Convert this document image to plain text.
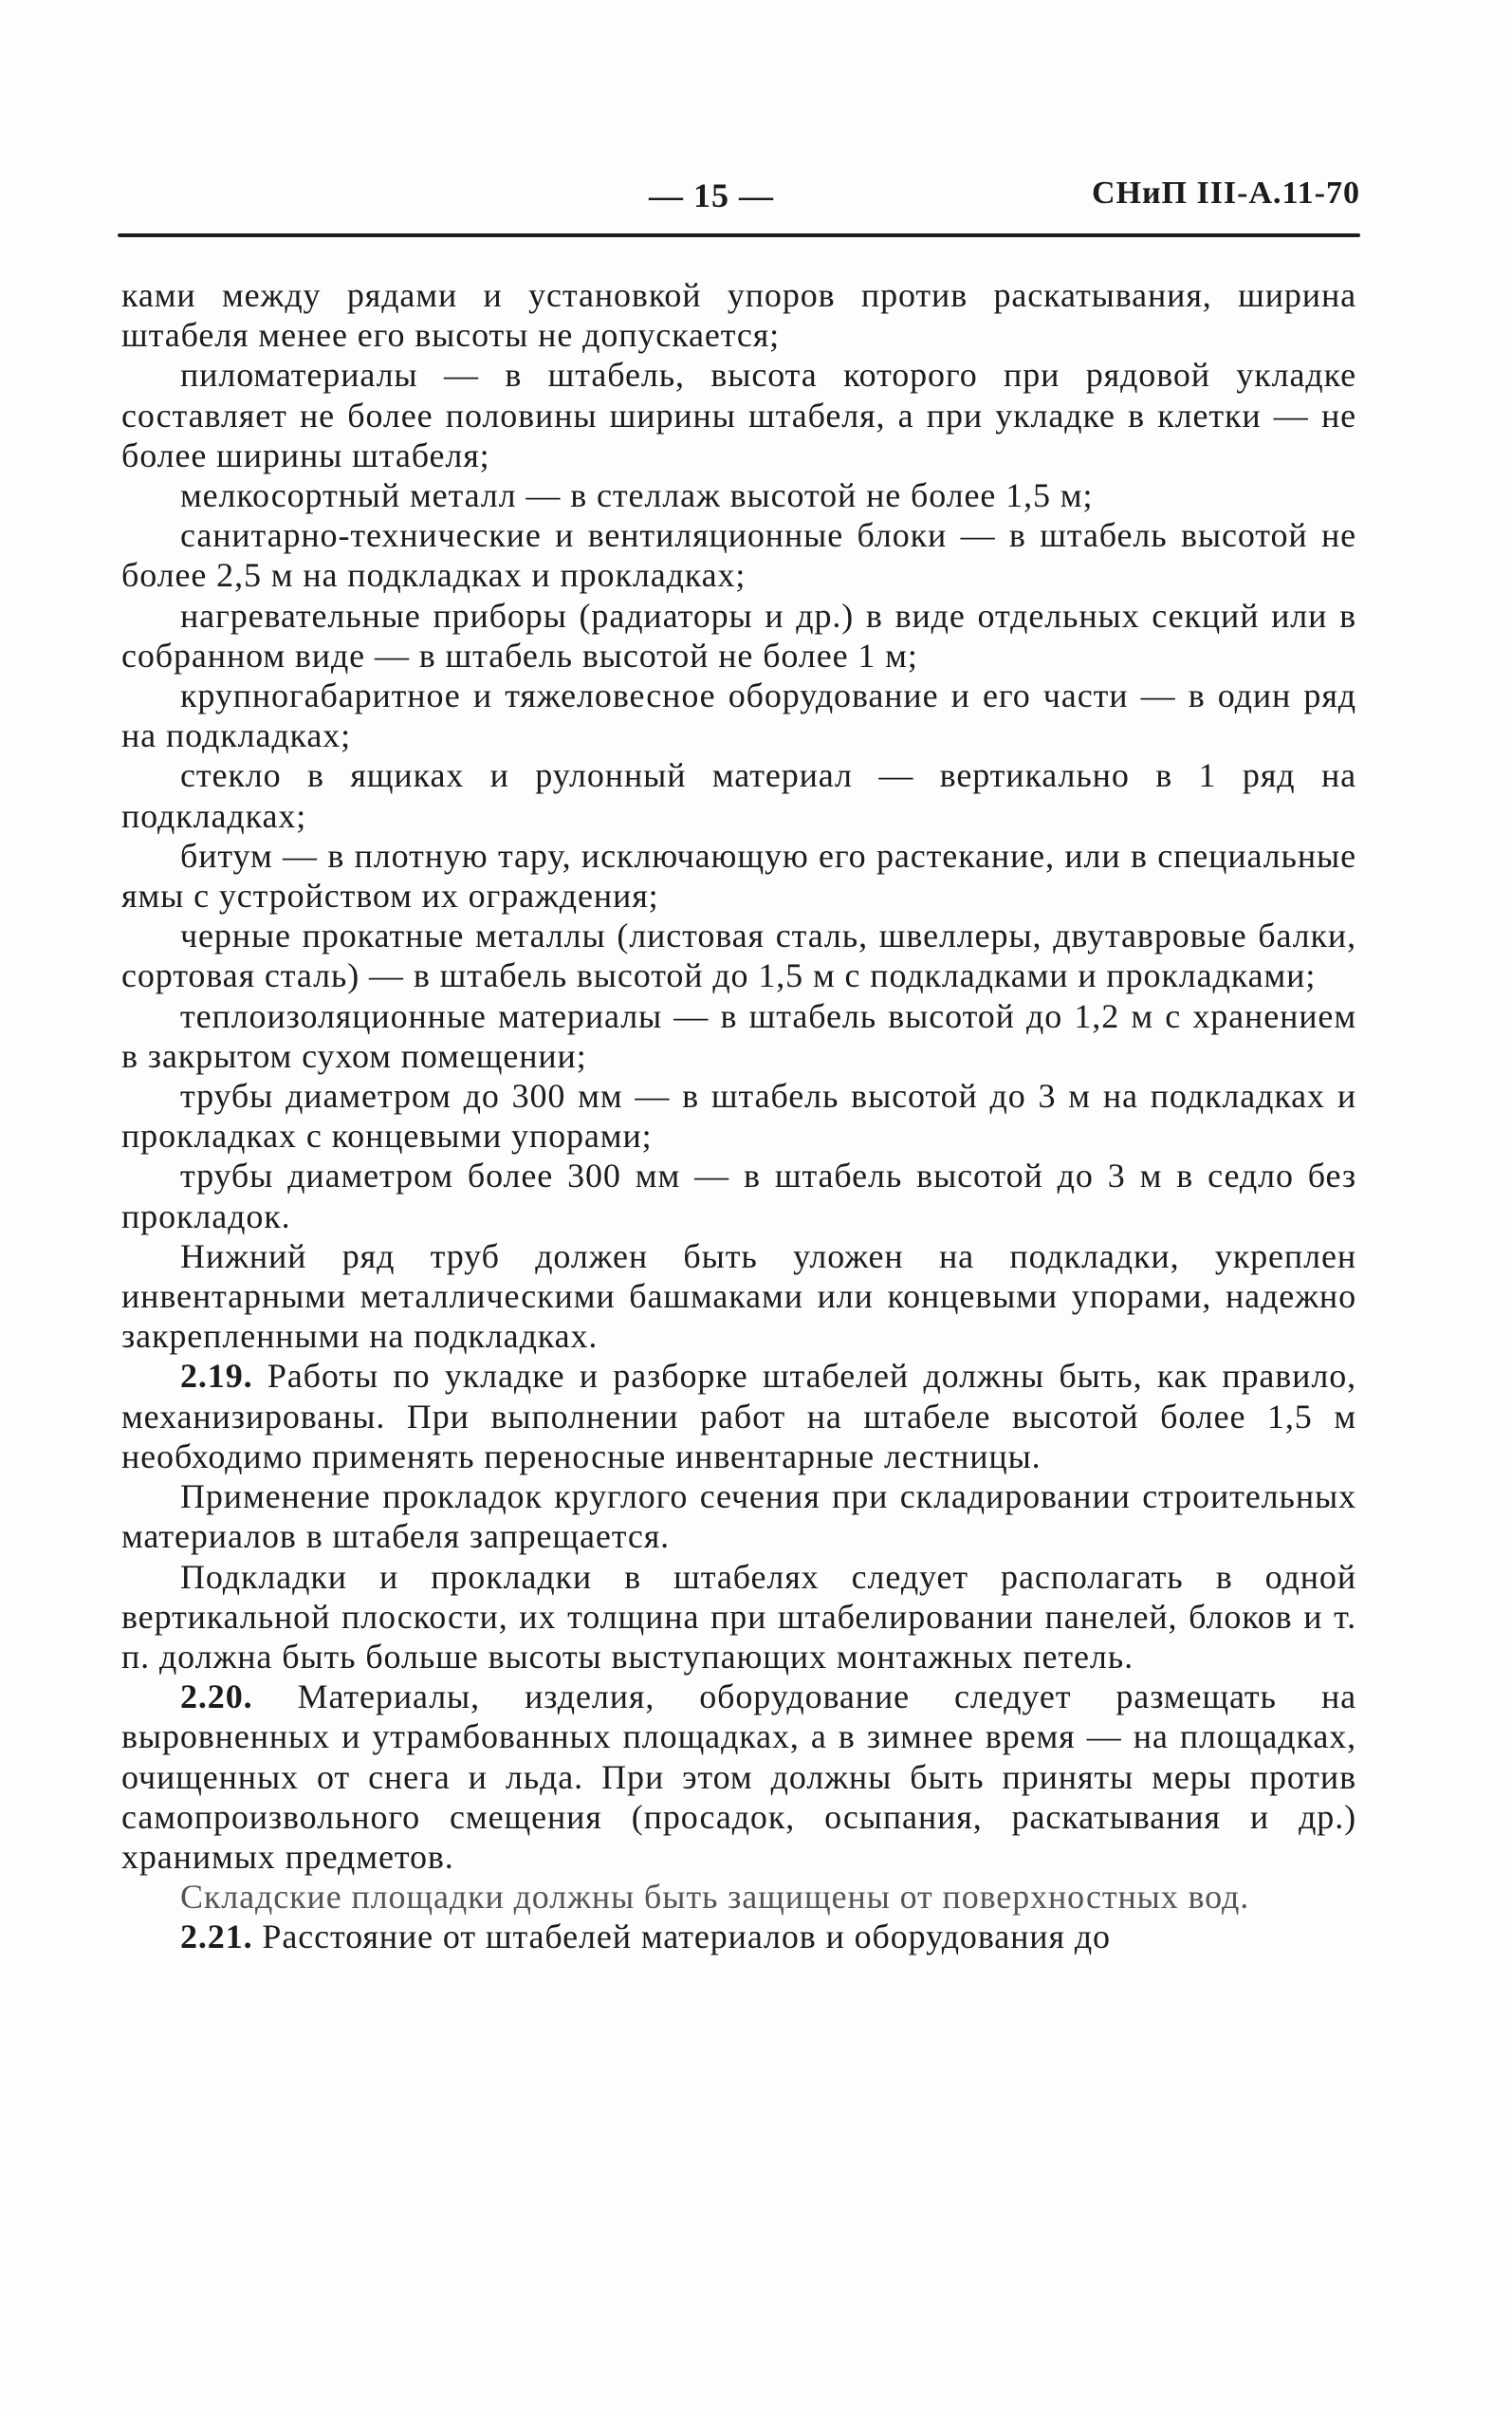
— 15 —	СНиП III-А.11-70

ками между рядами и установкой упоров против раскатывания, ширина штабеля менее его высоты не допускается;

пиломатериалы — в штабель, высота которого при рядовой укладке составляет не более половины ширины штабеля, а при укладке в клетки — не более ширины штабеля;

мелкосортный металл — в стеллаж высотой не более 1,5 м;

санитарно-технические и вентиляционные блоки — в штабель высотой не более 2,5 м на подкладках и прокладках;

нагревательные приборы (радиаторы и др.) в виде отдельных секций или в собранном виде — в штабель высотой не более 1 м;

крупногабаритное и тяжеловесное оборудование и его части — в один ряд на подкладках;

стекло в ящиках и рулонный материал — вертикально в 1 ряд на подкладках;

битум — в плотную тару, исключающую его растекание, или в специальные ямы с устройством их ограждения;

черные прокатные металлы (листовая сталь, швеллеры, двутавровые балки, сортовая сталь) — в штабель высотой до 1,5 м с подкладками и прокладками;

теплоизоляционные материалы — в штабель высотой до 1,2 м с хранением в закрытом сухом помещении;

трубы диаметром до 300 мм — в штабель высотой до 3 м на подкладках и прокладках с концевыми упорами;

трубы диаметром более 300 мм — в штабель высотой до 3 м в седло без прокладок.

Нижний ряд труб должен быть уложен на подкладки, укреплен инвентарными металлическими башмаками или концевыми упорами, надежно закрепленными на подкладках.

2.19. Работы по укладке и разборке штабелей должны быть, как правило, механизированы. При выполнении работ на штабеле высотой более 1,5 м необходимо применять переносные инвентарные лестницы.

Применение прокладок круглого сечения при складировании строительных материалов в штабеля запрещается.

Подкладки и прокладки в штабелях следует располагать в одной вертикальной плоскости, их толщина при штабелировании панелей, блоков и т. п. должна быть больше высоты выступающих монтажных петель.

2.20. Материалы, изделия, оборудование следует размещать на выровненных и утрамбованных площадках, а в зимнее время — на площадках, очищенных от снега и льда. При этом должны быть приняты меры против самопроизвольного смещения (просадок, осыпания, раскатывания и др.) хранимых предметов.

Складские площадки должны быть защищены от поверхностных вод.

2.21. Расстояние от штабелей материалов и оборудования до
